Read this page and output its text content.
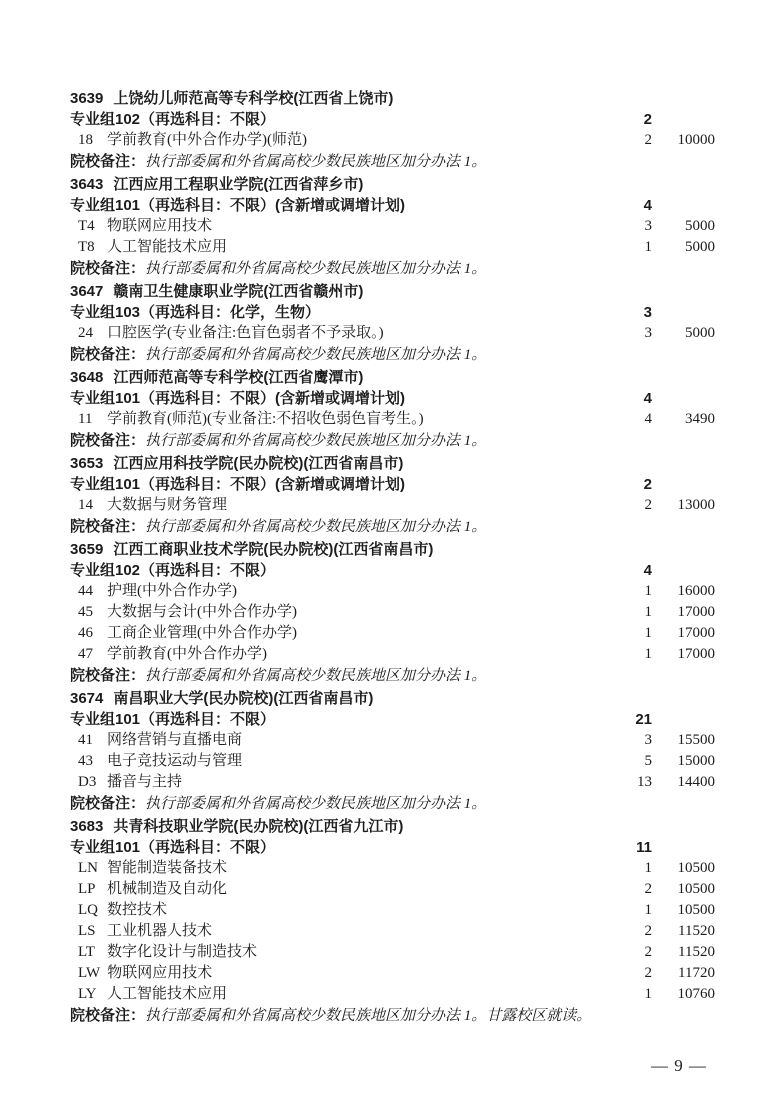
3639 上饶幼儿师范高等专科学校(江西省上饶市)
专业组102（再选科目：不限）	2
18 学前教育(中外合作办学)(师范)	2 10000
院校备注：执行部委属和外省属高校少数民族地区加分办法 1。
3643 江西应用工程职业学院(江西省萍乡市)
专业组101（再选科目：不限）(含新增或调增计划)	4
T4 物联网应用技术	3 5000
T8 人工智能技术应用	1 5000
院校备注：执行部委属和外省属高校少数民族地区加分办法 1。
3647 赣南卫生健康职业学院(江西省赣州市)
专业组103（再选科目：化学，生物）	3
24 口腔医学(专业备注:色盲色弱者不予录取。)	3 5000
院校备注：执行部委属和外省属高校少数民族地区加分办法 1。
3648 江西师范高等专科学校(江西省鹰潭市)
专业组101（再选科目：不限）(含新增或调增计划)	4
11 学前教育(师范)(专业备注:不招收色弱色盲考生。)	4 3490
院校备注：执行部委属和外省属高校少数民族地区加分办法 1。
3653 江西应用科技学院(民办院校)(江西省南昌市)
专业组101（再选科目：不限）(含新增或调增计划)	2
14 大数据与财务管理	2 13000
院校备注：执行部委属和外省属高校少数民族地区加分办法 1。
3659 江西工商职业技术学院(民办院校)(江西省南昌市)
专业组102（再选科目：不限）	4
44 护理(中外合作办学)	1 16000
45 大数据与会计(中外合作办学)	1 17000
46 工商企业管理(中外合作办学)	1 17000
47 学前教育(中外合作办学)	1 17000
院校备注：执行部委属和外省属高校少数民族地区加分办法 1。
3674 南昌职业大学(民办院校)(江西省南昌市)
专业组101（再选科目：不限）	21
41 网络营销与直播电商	3 15500
43 电子竞技运动与管理	5 15000
D3 播音与主持	13 14400
院校备注：执行部委属和外省属高校少数民族地区加分办法 1。
3683 共青科技职业学院(民办院校)(江西省九江市)
专业组101（再选科目：不限）	11
LN 智能制造装备技术	1 10500
LP 机械制造及自动化	2 10500
LQ 数控技术	1 10500
LS 工业机器人技术	2 11520
LT 数字化设计与制造技术	2 11520
LW 物联网应用技术	2 11720
LY 人工智能技术应用	1 10760
院校备注：执行部委属和外省属高校少数民族地区加分办法 1。甘露校区就读。
— 9 —
